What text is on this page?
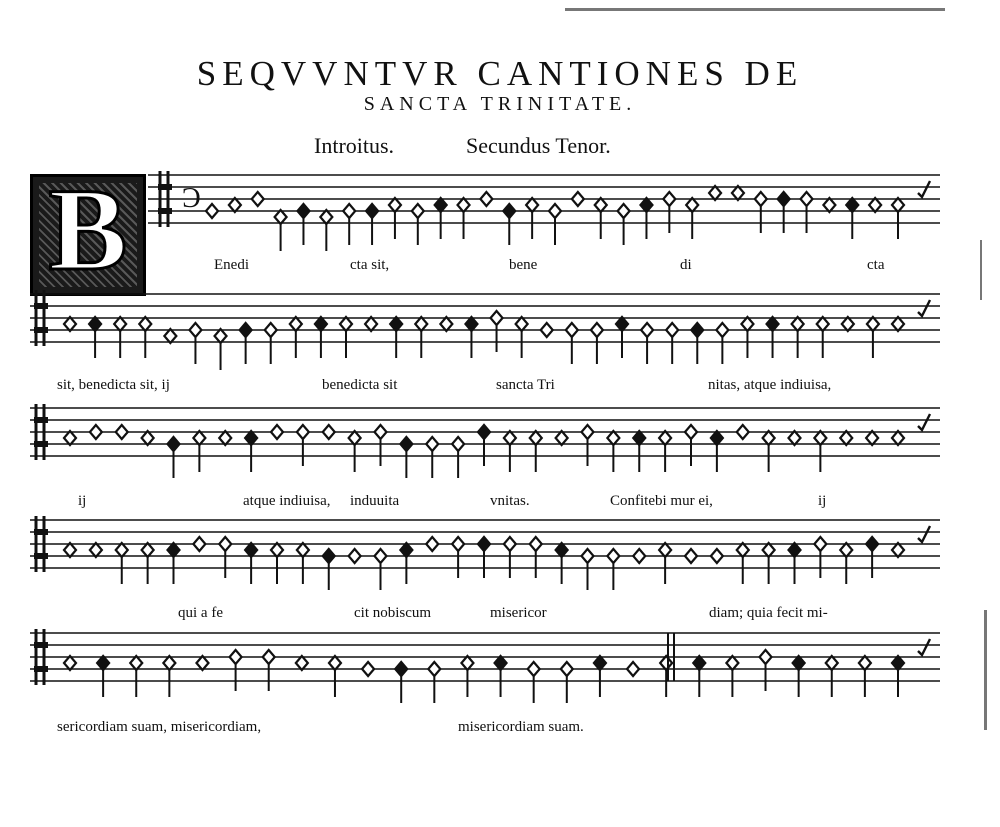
SEQVVNTVR CANTIONES DE
SANCTA TRINITATE.
Introitus.	Secundus Tenor.
B	Ɔ
Enedi	cta sit,	bene	di	cta
sit, benedicta sit, ij	benedicta sit	sancta Tri	nitas, atque indiuisa,
ij	atque indiuisa, induuita	vnitas.	Confitebi mur ei,	ij
qui a fe	cit nobiscum	misericor	diam; quia fecit mi-
sericordiam suam, misericordiam,	misericordiam suam.
